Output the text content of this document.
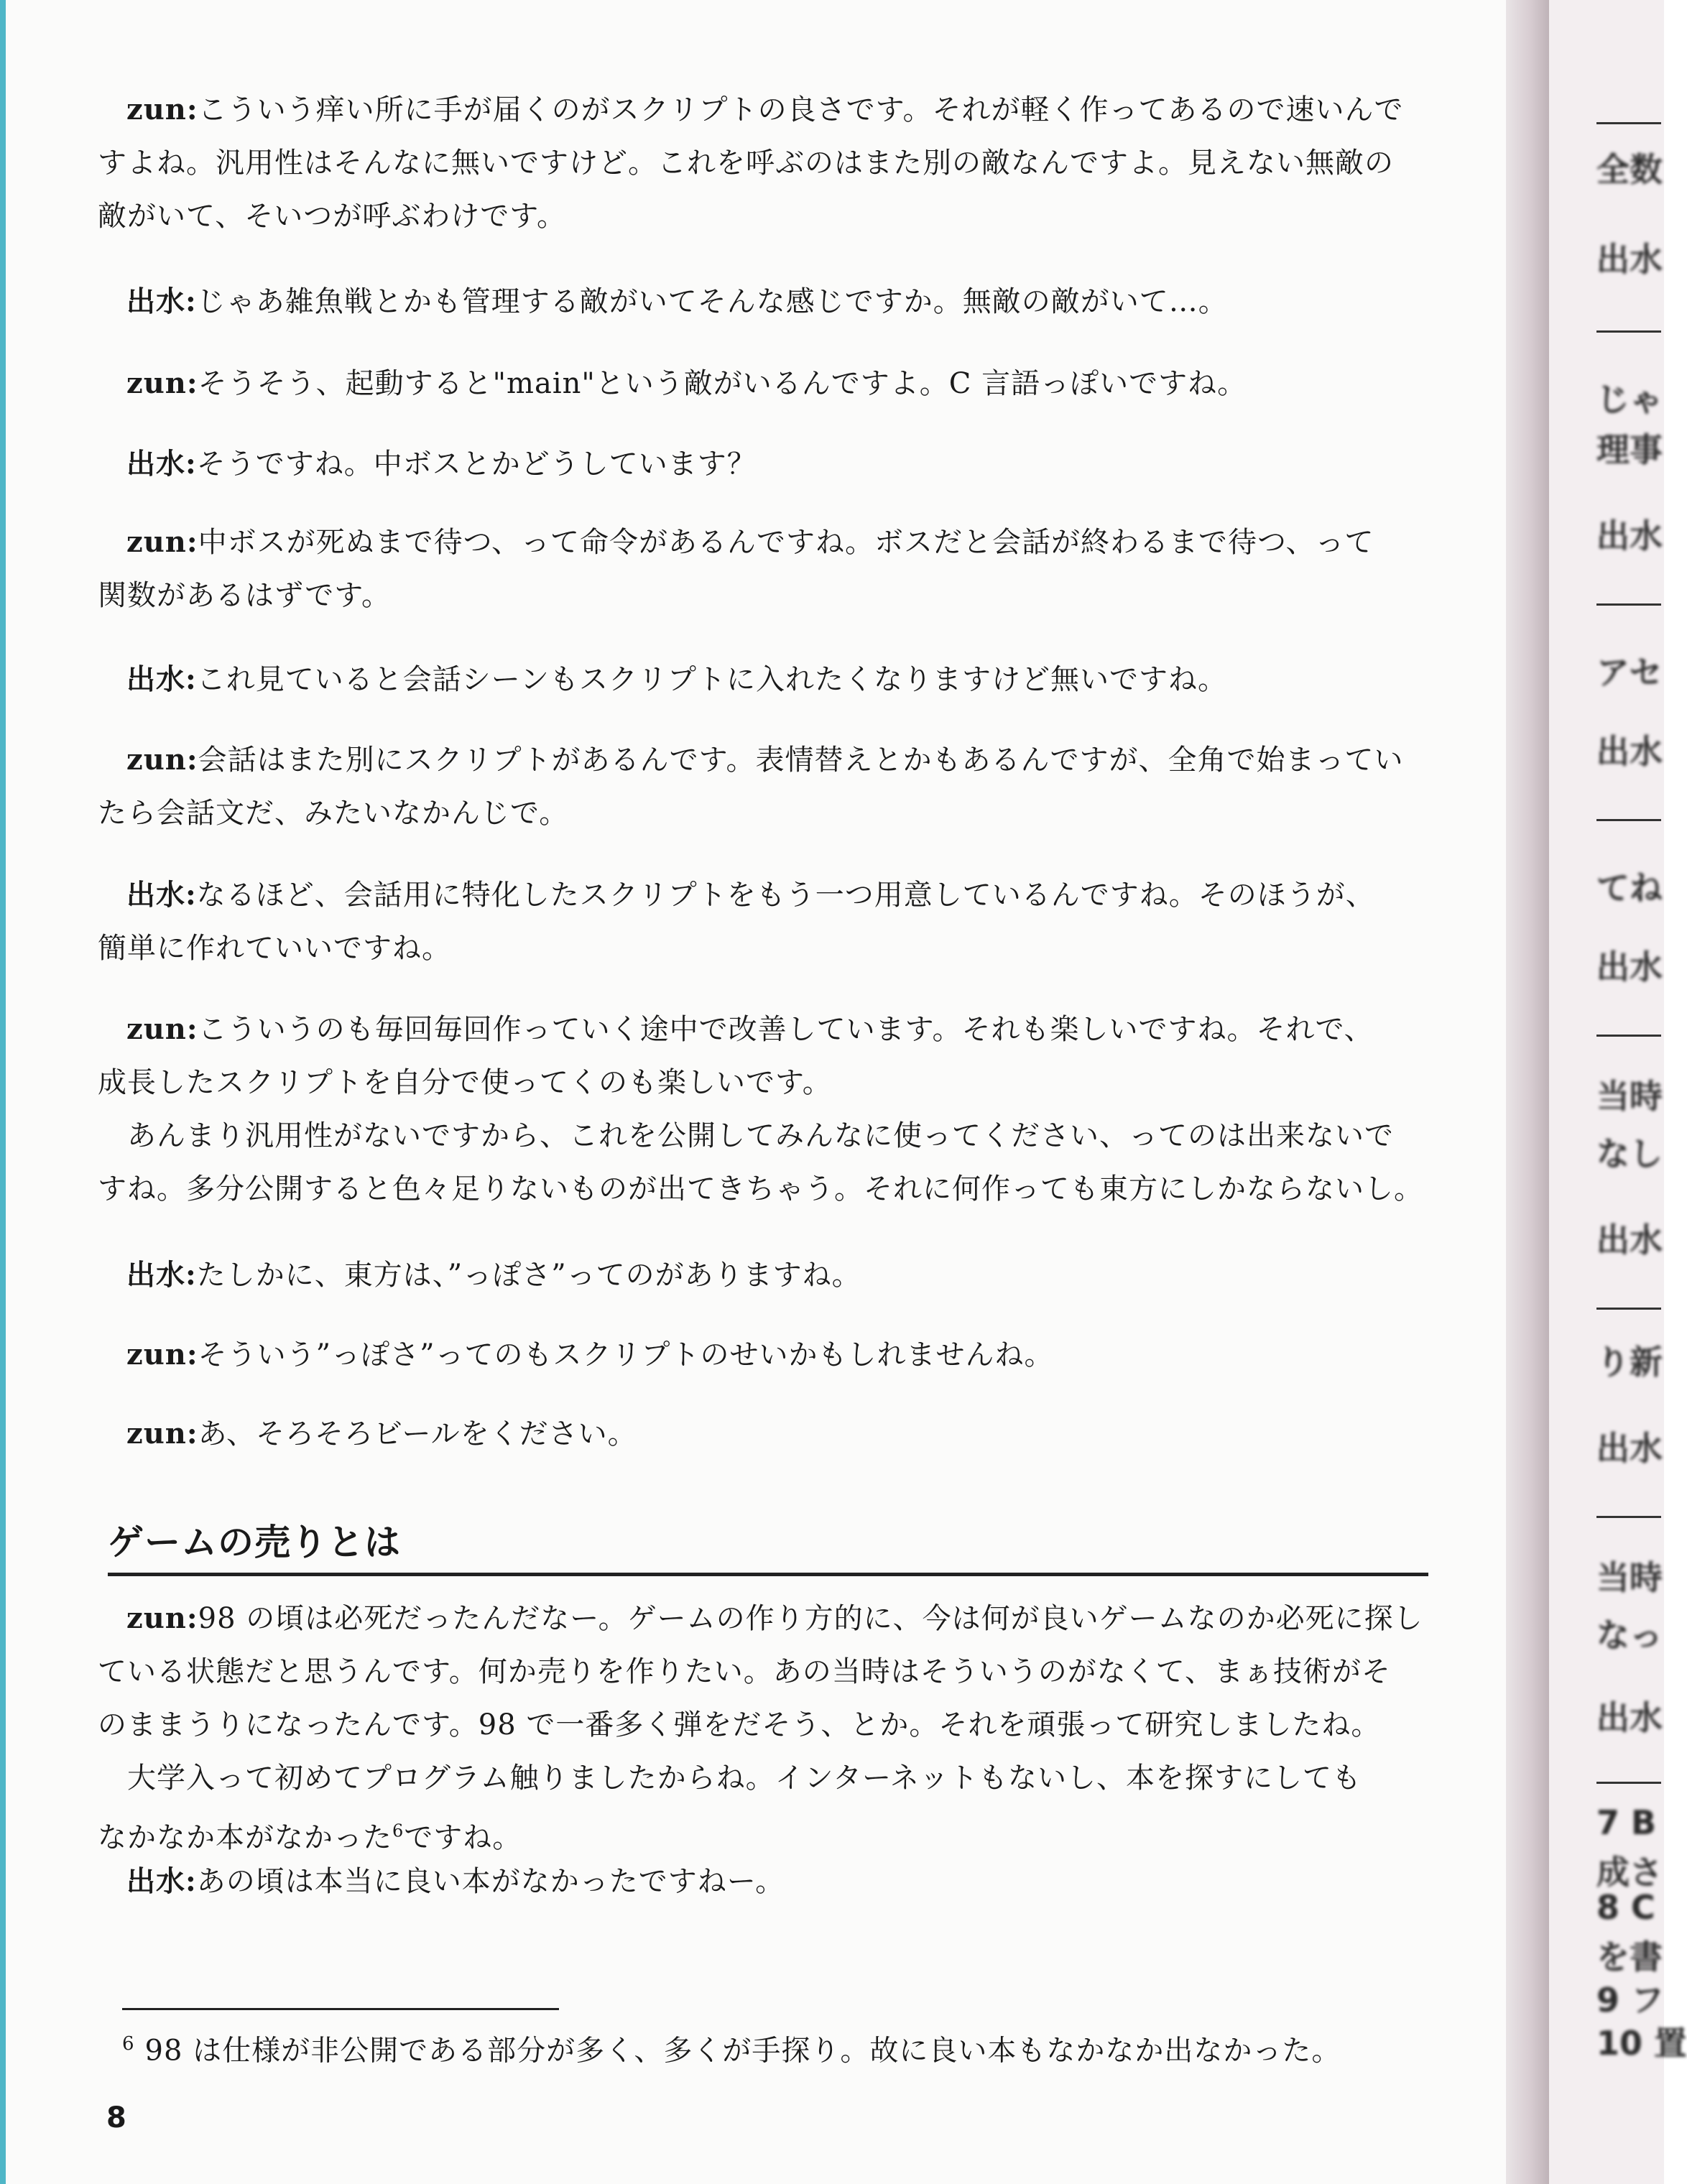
全数
出水
じゃ
理事
出水
アセ
出水
てね
出水
当時
なし
出水
り新
出水
当時
なっ
出水
7 B
成さ
8 C
を書
9 フ
10 置

zun:こういう痒い所に手が届くのがスクリプトの良さです。それが軽く作ってあるので速いんで
すよね。汎用性はそんなに無いですけど。これを呼ぶのはまた別の敵なんですよ。見えない無敵の
敵がいて、そいつが呼ぶわけです。

出水:じゃあ雑魚戦とかも管理する敵がいてそんな感じですか。無敵の敵がいて…。

zun:そうそう、起動すると"main"という敵がいるんですよ。C 言語っぽいですね。

出水:そうですね。中ボスとかどうしています？

zun:中ボスが死ぬまで待つ、って命令があるんですね。ボスだと会話が終わるまで待つ、って
関数があるはずです。

出水:これ見ていると会話シーンもスクリプトに入れたくなりますけど無いですね。

zun:会話はまた別にスクリプトがあるんです。表情替えとかもあるんですが、全角で始まってい
たら会話文だ、みたいなかんじで。

出水:なるほど、会話用に特化したスクリプトをもう一つ用意しているんですね。そのほうが、
簡単に作れていいですね。

zun:こういうのも毎回毎回作っていく途中で改善しています。それも楽しいですね。それで、
成長したスクリプトを自分で使ってくのも楽しいです。
　あんまり汎用性がないですから、これを公開してみんなに使ってください、ってのは出来ないで
すね。多分公開すると色々足りないものが出てきちゃう。それに何作っても東方にしかならないし。

出水:たしかに、東方は、”っぽさ”ってのがありますね。

zun:そういう”っぽさ”ってのもスクリプトのせいかもしれませんね。

zun:あ、そろそろビールをください。

ゲームの売りとは

zun:98 の頃は必死だったんだなー。ゲームの作り方的に、今は何が良いゲームなのか必死に探し
ている状態だと思うんです。何か売りを作りたい。あの当時はそういうのがなくて、まぁ技術がそ
のままうりになったんです。98 で一番多く弾をだそう、とか。それを頑張って研究しましたね。
　大学入って初めてプログラム触りましたからね。インターネットもないし、本を探すにしても
なかなか本がなかった$^6$ですね。

出水:あの頃は本当に良い本がなかったですねー。

$^6$ 98 は仕様が非公開である部分が多く、多くが手探り。故に良い本もなかなか出なかった。
8
